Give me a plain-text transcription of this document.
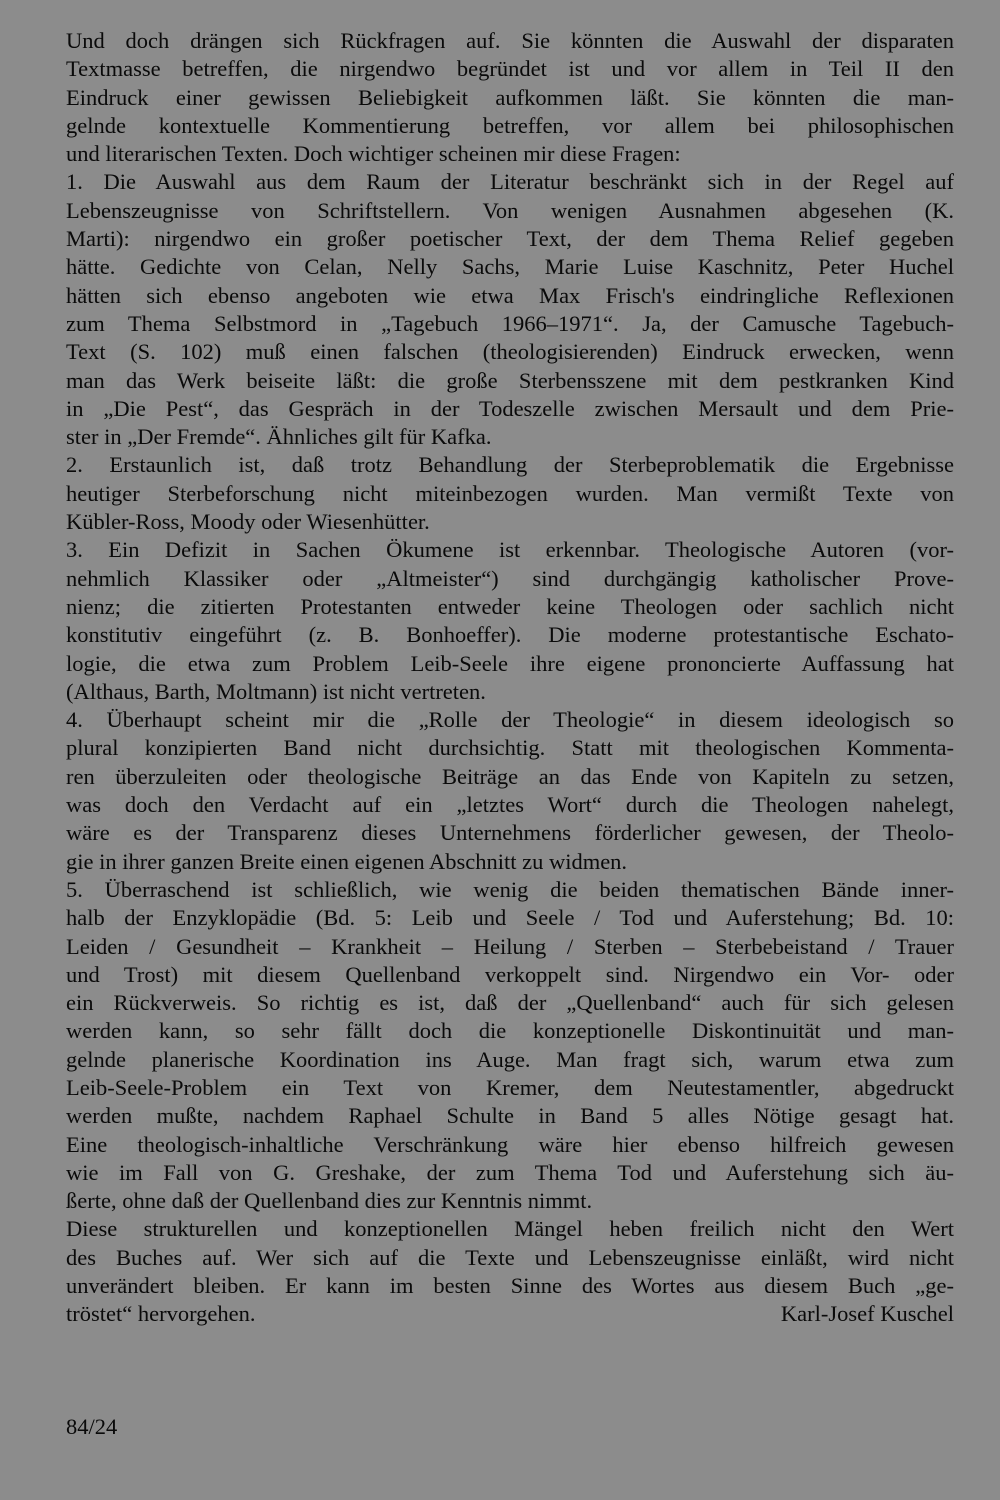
Und doch drängen sich Rückfragen auf. Sie könnten die Auswahl der disparaten
Textmasse betreffen, die nirgendwo begründet ist und vor allem in Teil II den
Eindruck einer gewissen Beliebigkeit aufkommen läßt. Sie könnten die man-
gelnde kontextuelle Kommentierung betreffen, vor allem bei philosophischen
und literarischen Texten. Doch wichtiger scheinen mir diese Fragen:
1. Die Auswahl aus dem Raum der Literatur beschränkt sich in der Regel auf
Lebenszeugnisse von Schriftstellern. Von wenigen Ausnahmen abgesehen (K.
Marti): nirgendwo ein großer poetischer Text, der dem Thema Relief gegeben
hätte. Gedichte von Celan, Nelly Sachs, Marie Luise Kaschnitz, Peter Huchel
hätten sich ebenso angeboten wie etwa Max Frisch's eindringliche Reflexionen
zum Thema Selbstmord in „Tagebuch 1966–1971“. Ja, der Camusche Tagebuch-
Text (S. 102) muß einen falschen (theologisierenden) Eindruck erwecken, wenn
man das Werk beiseite läßt: die große Sterbensszene mit dem pestkranken Kind
in „Die Pest“, das Gespräch in der Todeszelle zwischen Mersault und dem Prie-
ster in „Der Fremde“. Ähnliches gilt für Kafka.
2. Erstaunlich ist, daß trotz Behandlung der Sterbeproblematik die Ergebnisse
heutiger Sterbeforschung nicht miteinbezogen wurden. Man vermißt Texte von
Kübler-Ross, Moody oder Wiesenhütter.
3. Ein Defizit in Sachen Ökumene ist erkennbar. Theologische Autoren (vor-
nehmlich Klassiker oder „Altmeister“) sind durchgängig katholischer Prove-
nienz; die zitierten Protestanten entweder keine Theologen oder sachlich nicht
konstitutiv eingeführt (z. B. Bonhoeffer). Die moderne protestantische Eschato-
logie, die etwa zum Problem Leib-Seele ihre eigene prononcierte Auffassung hat
(Althaus, Barth, Moltmann) ist nicht vertreten.
4. Überhaupt scheint mir die „Rolle der Theologie“ in diesem ideologisch so
plural konzipierten Band nicht durchsichtig. Statt mit theologischen Kommenta-
ren überzuleiten oder theologische Beiträge an das Ende von Kapiteln zu setzen,
was doch den Verdacht auf ein „letztes Wort“ durch die Theologen nahelegt,
wäre es der Transparenz dieses Unternehmens förderlicher gewesen, der Theolo-
gie in ihrer ganzen Breite einen eigenen Abschnitt zu widmen.
5. Überraschend ist schließlich, wie wenig die beiden thematischen Bände inner-
halb der Enzyklopädie (Bd. 5: Leib und Seele / Tod und Auferstehung; Bd. 10:
Leiden / Gesundheit – Krankheit – Heilung / Sterben – Sterbebeistand / Trauer
und Trost) mit diesem Quellenband verkoppelt sind. Nirgendwo ein Vor- oder
ein Rückverweis. So richtig es ist, daß der „Quellenband“ auch für sich gelesen
werden kann, so sehr fällt doch die konzeptionelle Diskontinuität und man-
gelnde planerische Koordination ins Auge. Man fragt sich, warum etwa zum
Leib-Seele-Problem ein Text von Kremer, dem Neutestamentler, abgedruckt
werden mußte, nachdem Raphael Schulte in Band 5 alles Nötige gesagt hat.
Eine theologisch-inhaltliche Verschränkung wäre hier ebenso hilfreich gewesen
wie im Fall von G. Greshake, der zum Thema Tod und Auferstehung sich äu-
ßerte, ohne daß der Quellenband dies zur Kenntnis nimmt.
Diese strukturellen und konzeptionellen Mängel heben freilich nicht den Wert
des Buches auf. Wer sich auf die Texte und Lebenszeugnisse einläßt, wird nicht
unverändert bleiben. Er kann im besten Sinne des Wortes aus diesem Buch „ge-
tröstet“ hervorgehen.	Karl-Josef Kuschel
84/24
